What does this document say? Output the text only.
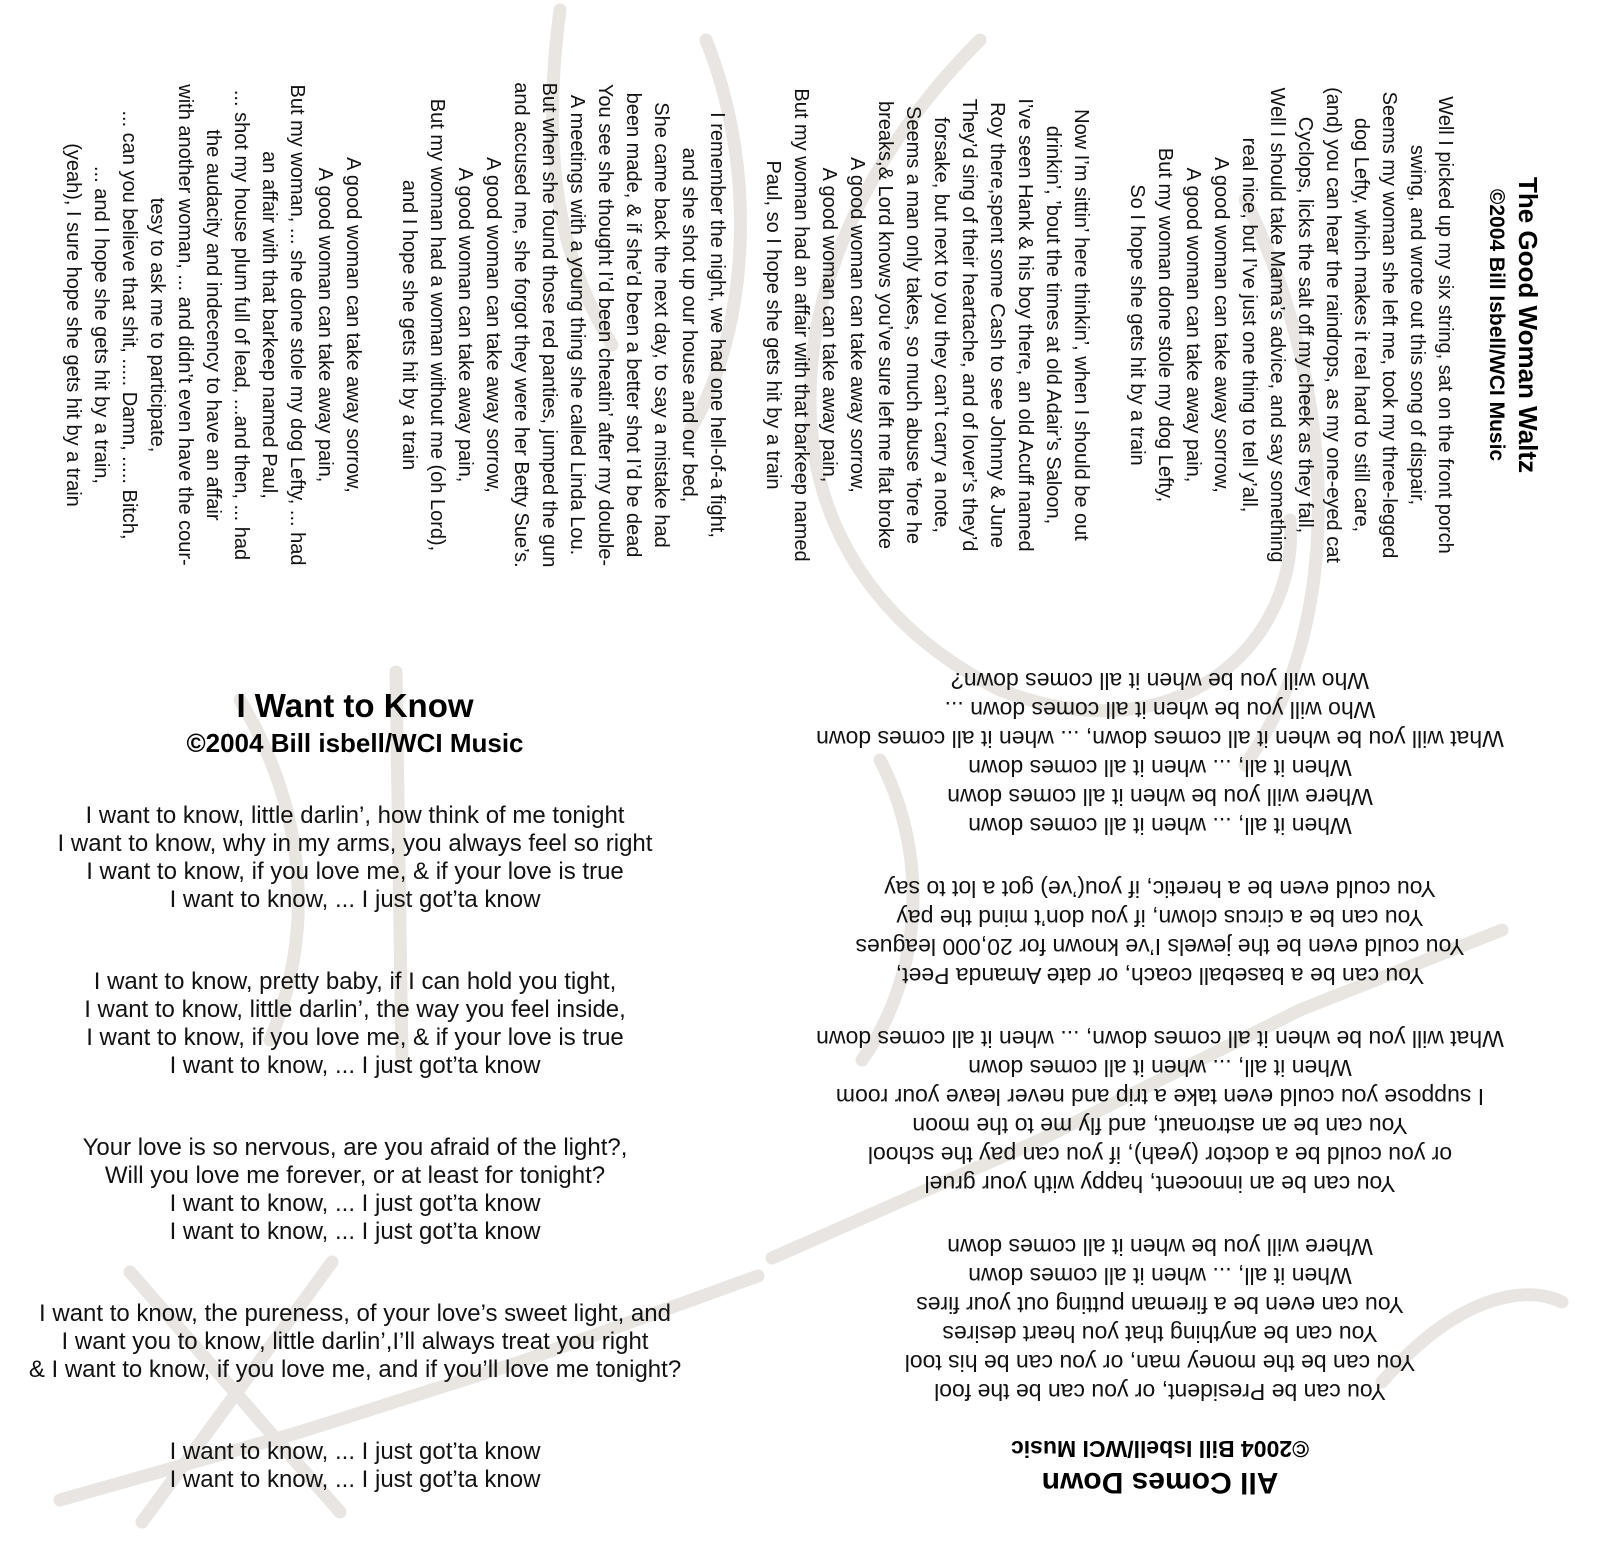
The Good Woman Waltz
©2004 Bill Isbell/WCI Music
Well I picked up my six string, sat on the front porch
swing, and wrote out this song of dispair,
Seems my woman she left me, took my three-legged
dog Lefty, which makes it real hard to still care,
(and) you can hear the raindrops, as my one-eyed cat
Cyclops, licks the salt off my cheek as they fall,
Well I should take Mama’s advice, and say something
real nice, but I’ve just one thing to tell y’all,
A good woman can take away sorrow,
A good woman can take away pain,
But my woman done stole my dog Lefty,
So I hope she gets hit by a train
Now I’m sittin’ here thinkin’, when I should be out
drinkin’, ’bout the times at old Adair’s Saloon,
I’ve seen Hank & his boy there, an old Acuff named
Roy there,spent some Cash to see Johnny & June
They’d sing of their heartache, and of lover’s they’d
forsake, but next to you they can’t carry a note,
Seems a man only takes, so much abuse ’fore he
breaks,& Lord knows you’ve sure left me flat broke
A good woman can take away sorrow,
A good woman can take away pain,
But my woman had an affair with that barkeep named
Paul, so I hope she gets hit by a train
I remember the night, we had one hell-of-a fight,
and she shot up our house and our bed,
She came back the next day, to say a mistake had
been made, & if she’d been a better shot I’d be dead
You see she thought I’d been cheatin’ after my double-
A meetings with a young thing she called Linda Lou.
But when she found those red panties, jumped the gun
and accused me, she forgot they were her Betty Sue’s.
A good woman can take away sorrow,
A good woman can take away pain,
But my woman had a woman without me (oh Lord),
and I hope she gets hit by a train
A good woman can take away sorrow,
A good woman can take away pain,
But my woman, ... she done stole my dog Lefty, ... had
an affair with that barkeep named Paul,
... shot my house plum full of lead, ...and then, ... had
the audacity and indecency to have an affair
with another woman, ... and didn’t even have the cour-
tesy to ask me to participate,
... can you believe that shit, ..... Damn, ..... Bitch,
... and I hope she gets hit by a train,
(yeah), I sure hope she gets hit by a train
I Want to Know
©2004 Bill isbell/WCI Music
I want to know, little darlin’, how think of me tonight
I want to know, why in my arms, you always feel so right
I want to know, if you love me, & if your love is true
I want to know, ... I just got’ta know
I want to know, pretty baby, if I can hold you tight,
I want to know, little darlin’, the way you feel inside,
I want to know, if you love me, & if your love is true
I want to know, ... I just got’ta know
Your love is so nervous, are you afraid of the light?,
Will you love me forever, or at least for tonight?
I want to know, ... I just got’ta know
I want to know, ... I just got’ta know
I want to know, the pureness, of your love’s sweet light, and
I want you to know, little darlin’,I’ll always treat you right
& I want to know, if you love me, and if you’ll love me tonight?
I want to know, ... I just got’ta know
I want to know, ... I just got’ta know	All Comes Down
©2004 Bill Isbell/WCI Music
You can be President, or you can be the fool
You can be the money man, or you can be his tool
You can be anything that you heart desires
You can even be a fireman putting out your fires
When it all, ... when it all comes down
Where will you be when it all comes down
You can be an innocent, happy with your gruel
or you could be a doctor (yeah), if you can pay the school
You can be an astronaut, and fly me to the moon
I suppose you could even take a trip and never leave your room
When it all, ... when it all comes down
What will you be when it all comes down, ... when it all comes down
You can be a baseball coach, or date Amanda Peet,
You could even be the jewels I’ve known for 20,000 leagues
You can be a circus clown, if you don’t mind the pay
You could even be a heretic, if you(’ve) got a lot to say
When it all, ... when it all comes down
Where will you be when it all comes down
When it all, ... when it all comes down
What will you be when it all comes down, ... when it all comes down
Who will you be when it all comes down ...
Who will you be when it all comes down?
